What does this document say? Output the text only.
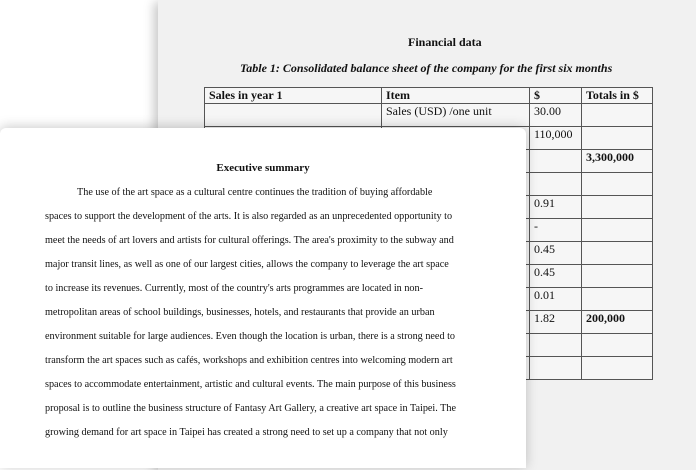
Financial data
Table 1: Consolidated balance sheet of the company for the first six months
Sales in year 1	Item	$	Totals in $
	Sales (USD) /one unit	30.00	
		110,000	
			3,300,000

		0.91	
		-	
		0.45	
		0.45	
		0.01	
		1.82	200,000

Executive summary
The use of the art space as a cultural centre continues the tradition of buying affordable
spaces to support the development of the arts. It is also regarded as an unprecedented opportunity to
meet the needs of art lovers and artists for cultural offerings. The area's proximity to the subway and
major transit lines, as well as one of our largest cities, allows the company to leverage the art space
to increase its revenues. Currently, most of the country's arts programmes are located in non-
metropolitan areas of school buildings, businesses, hotels, and restaurants that provide an urban
environment suitable for large audiences. Even though the location is urban, there is a strong need to
transform the art spaces such as cafés, workshops and exhibition centres into welcoming modern art
spaces to accommodate entertainment, artistic and cultural events. The main purpose of this business
proposal is to outline the business structure of Fantasy Art Gallery, a creative art space in Taipei. The
growing demand for art space in Taipei has created a strong need to set up a company that not only
